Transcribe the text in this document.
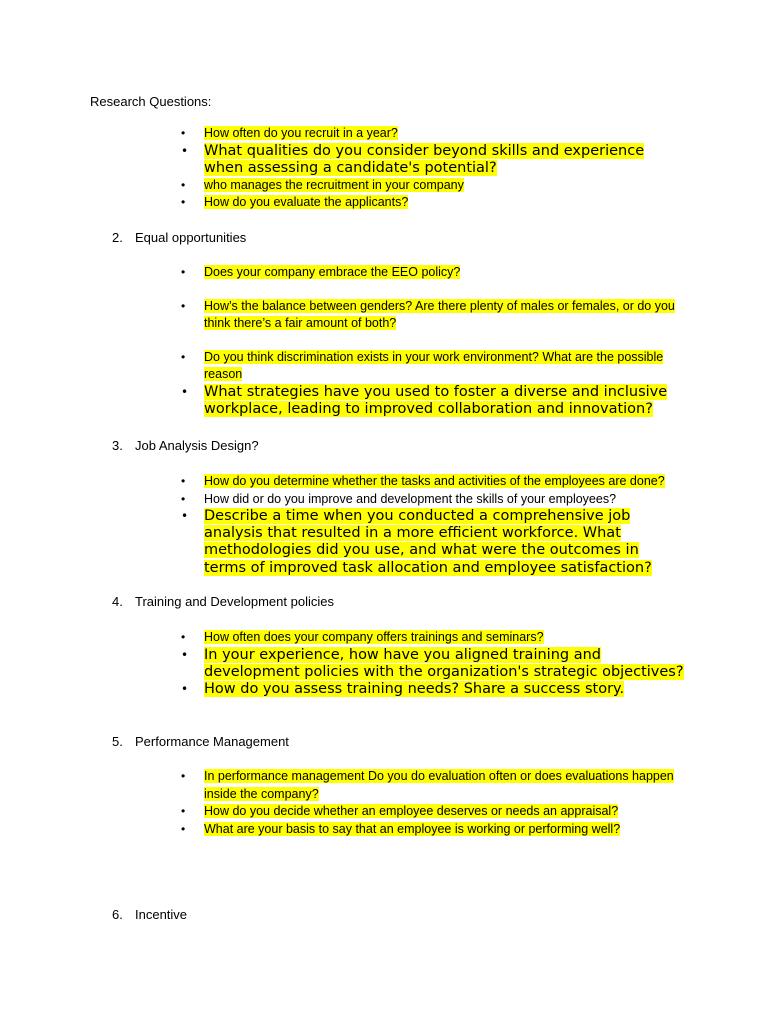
Research Questions:
• How often do you recruit in a year?
• What qualities do you consider beyond skills and experience when assessing a candidate's potential?
• who manages the recruitment in your company
• How do you evaluate the applicants?
2. Equal opportunities
• Does your company embrace the EEO policy?
• How’s the balance between genders? Are there plenty of males or females, or do you think there’s a fair amount of both?
• Do you think discrimination exists in your work environment? What are the possible reason
• What strategies have you used to foster a diverse and inclusive workplace, leading to improved collaboration and innovation?
3. Job Analysis Design?
• How do you determine whether the tasks and activities of the employees are done?
• How did or do you improve and development the skills of your employees?
• Describe a time when you conducted a comprehensive job analysis that resulted in a more efficient workforce. What methodologies did you use, and what were the outcomes in terms of improved task allocation and employee satisfaction?
4. Training and Development policies
• How often does your company offers trainings and seminars?
• In your experience, how have you aligned training and development policies with the organization's strategic objectives?
• How do you assess training needs? Share a success story.
5. Performance Management
• In performance management Do you do evaluation often or does evaluations happen inside the company?
• How do you decide whether an employee deserves or needs an appraisal?
• What are your basis to say that an employee is working or performing well?
6. Incentive
